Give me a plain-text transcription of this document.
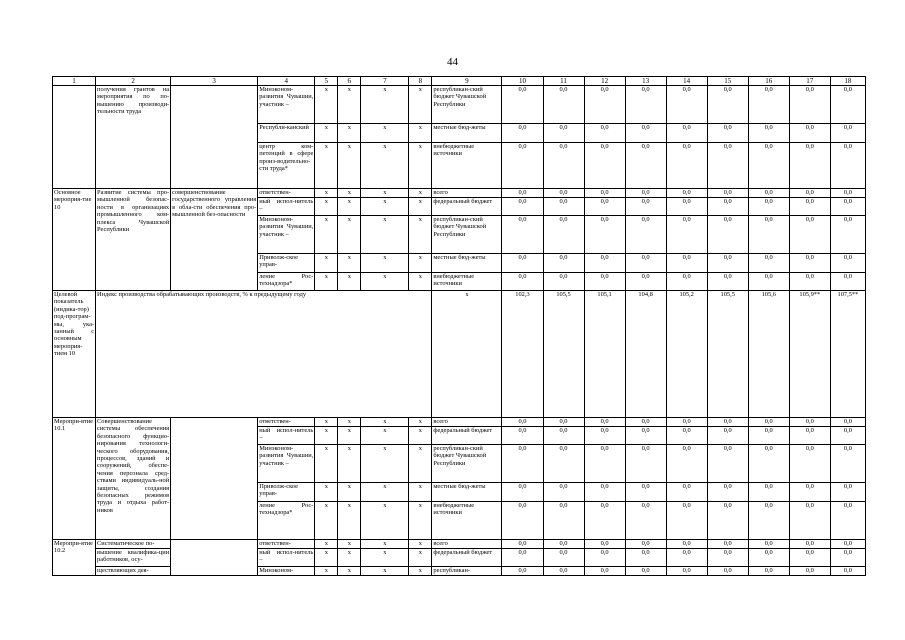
44
1	2	3	4	5	6	7	8	9	10	11	12	13	14	15	16	17	18
	получения грантов на мероприятия по по-вышению производи-тельности труда		Минэконом-развития Чувашии, участник –	х	х	х	х	республикан-ский бюджет Чувашской Республики	0,0	0,0	0,0	0,0	0,0	0,0	0,0	0,0	0,0
			Республи-канский	х	х	х	х	местные бюд-жеты	0,0	0,0	0,0	0,0	0,0	0,0	0,0	0,0	0,0
			центр ком-петенций в сфере произ-водительно-сти труда*	х	х	х	х	внебюджетные источники	0,0	0,0	0,0	0,0	0,0	0,0	0,0	0,0	0,0
Основное мероприя-тие 10	Развитие системы про-мышленной безопас-ности в организациях промышленного ком-плекса Чувашской Республики	совершенствование государственного управления в обла-сти обеспечения про-мышленной без-опасности	ответствен-	х	х	х	х	всего	0,0	0,0	0,0	0,0	0,0	0,0	0,0	0,0	0,0
			ный испол-нитель –	х	х	х	х	федеральный бюджет	0,0	0,0	0,0	0,0	0,0	0,0	0,0	0,0	0,0
			Минэконом-развития Чувашии, участник –	х	х	х	х	республикан-ский бюджет Чувашской Республики	0,0	0,0	0,0	0,0	0,0	0,0	0,0	0,0	0,0
			Приволж-ское управ-	х	х	х	х	местные бюд-жеты	0,0	0,0	0,0	0,0	0,0	0,0	0,0	0,0	0,0
			ление Рос-технадзора*	х	х	х	х	внебюджетные источники	0,0	0,0	0,0	0,0	0,0	0,0	0,0	0,0	0,0
Целевой показатель (индика-тор) под-програм-мы, ука-занный с основным мероприя-тием 10	Индекс производства обрабатывающих производств, % к предыдущему году							х	102,3	105,5	105,1	104,8	105,2	105,5	105,6	105,9**	107,5**
Меропри-ятие 10.1	Совершенствование системы обеспечения безопасного функцио-нирования технологи-ческого оборудования, процессов, зданий и сооружений, обеспе-чения персонала сред-ствами индивидуаль-ной защиты, создания безопасных режимов труда и отдыха работ-ников		ответствен-	х	х	х	х	всего	0,0	0,0	0,0	0,0	0,0	0,0	0,0	0,0	0,0
			ный испол-нитель –	х	х	х	х	федеральный бюджет	0,0	0,0	0,0	0,0	0,0	0,0	0,0	0,0	0,0
			Минэконом-развития Чувашии, участник –	х	х	х	х	республикан-ский бюджет Чувашской Республики	0,0	0,0	0,0	0,0	0,0	0,0	0,0	0,0	0,0
			Приволж-ское управ-	х	х	х	х	местные бюд-жеты	0,0	0,0	0,0	0,0	0,0	0,0	0,0	0,0	0,0
			ление Рос-технадзора*	х	х	х	х	внебюджетные источники	0,0	0,0	0,0	0,0	0,0	0,0	0,0	0,0	0,0
Меропри-ятие 10.2	Систематическое по-		ответствен-	х	х	х	х	всего	0,0	0,0	0,0	0,0	0,0	0,0	0,0	0,0	0,0
	вышение квалифика-ции работников, осу-		ный испол-нитель –	х	х	х	х	федеральный бюджет	0,0	0,0	0,0	0,0	0,0	0,0	0,0	0,0	0,0
	ществляющих дея-		Минэконом-	х	х	х	х	республикан-	0,0	0,0	0,0	0,0	0,0	0,0	0,0	0,0	0,0
